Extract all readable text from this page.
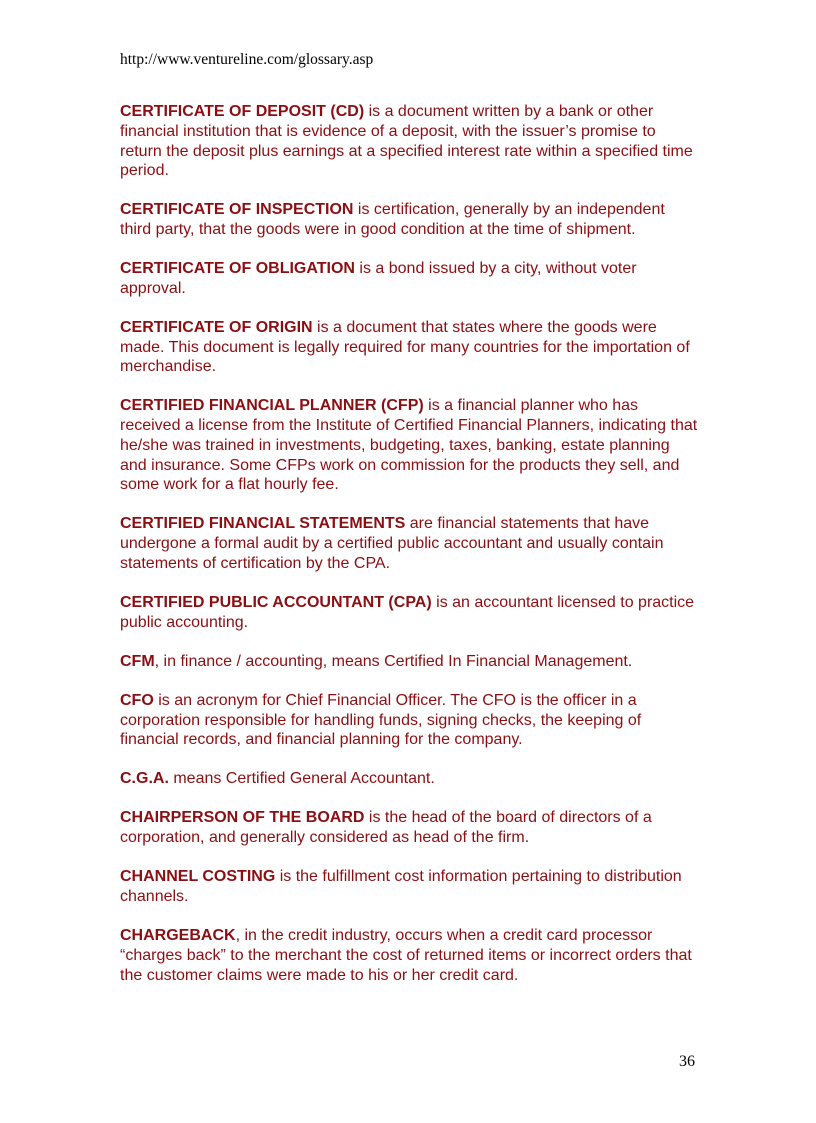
http://www.ventureline.com/glossary.asp

CERTIFICATE OF DEPOSIT (CD) is a document written by a bank or other financial institution that is evidence of a deposit, with the issuer’s promise to return the deposit plus earnings at a specified interest rate within a specified time period.

CERTIFICATE OF INSPECTION is certification, generally by an independent third party, that the goods were in good condition at the time of shipment.

CERTIFICATE OF OBLIGATION is a bond issued by a city, without voter approval.

CERTIFICATE OF ORIGIN is a document that states where the goods were made. This document is legally required for many countries for the importation of merchandise.

CERTIFIED FINANCIAL PLANNER (CFP) is a financial planner who has received a license from the Institute of Certified Financial Planners, indicating that he/she was trained in investments, budgeting, taxes, banking, estate planning and insurance. Some CFPs work on commission for the products they sell, and some work for a flat hourly fee.

CERTIFIED FINANCIAL STATEMENTS are financial statements that have undergone a formal audit by a certified public accountant and usually contain statements of certification by the CPA.

CERTIFIED PUBLIC ACCOUNTANT (CPA) is an accountant licensed to practice public accounting.

CFM, in finance / accounting, means Certified In Financial Management.

CFO is an acronym for Chief Financial Officer. The CFO is the officer in a corporation responsible for handling funds, signing checks, the keeping of financial records, and financial planning for the company.

C.G.A. means Certified General Accountant.

CHAIRPERSON OF THE BOARD is the head of the board of directors of a corporation, and generally considered as head of the firm.

CHANNEL COSTING is the fulfillment cost information pertaining to distribution channels.

CHARGEBACK, in the credit industry, occurs when a credit card processor “charges back” to the merchant the cost of returned items or incorrect orders that the customer claims were made to his or her credit card.

36
